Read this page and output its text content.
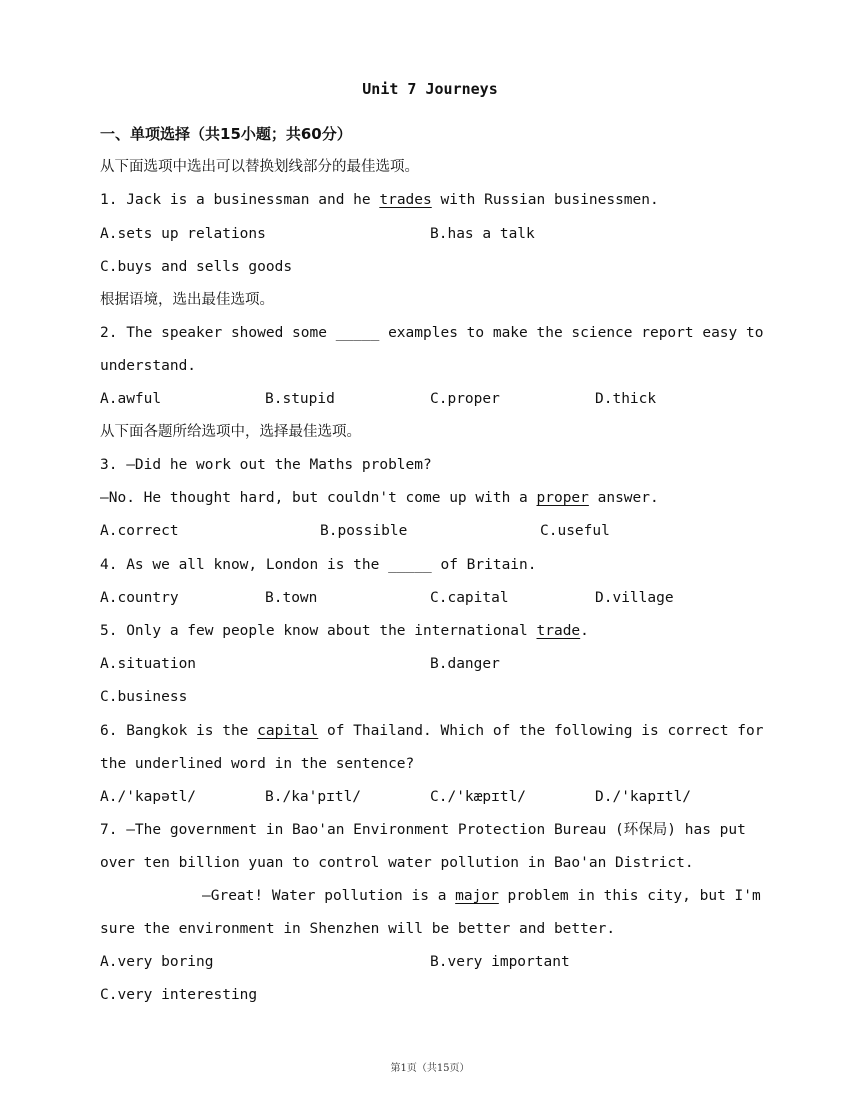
Unit 7 Journeys
一、单项选择（共15小题；共60分）
从下面选项中选出可以替换划线部分的最佳选项。
1. Jack is a businessman and he trades with Russian businessmen.
A.sets up relations	B.has a talk
C.buys and sells goods
根据语境，选出最佳选项。
2. The speaker showed some _____ examples to make the science report easy to
understand.
A.awful	B.stupid	C.proper	D.thick
从下面各题所给选项中，选择最佳选项。
3. —Did he work out the Maths problem?
—No. He thought hard, but couldn't come up with a proper answer.
A.correct	B.possible	C.useful
4. As we all know, London is the _____ of Britain.
A.country	B.town	C.capital	D.village
5. Only a few people know about the international trade.
A.situation	B.danger
C.business
6. Bangkok is the capital of Thailand. Which of the following is correct for
the underlined word in the sentence?
A./'kapətl/	B./ka'pɪtl/	C./'kæpɪtl/	D./'kapɪtl/
7. —The government in Bao'an Environment Protection Bureau (环保局) has put
over ten billion yuan to control water pollution in Bao'an District.
—Great! Water pollution is a major problem in this city, but I'm
sure the environment in Shenzhen will be better and better.
A.very boring	B.very important
C.very interesting
第1页（共15页）
